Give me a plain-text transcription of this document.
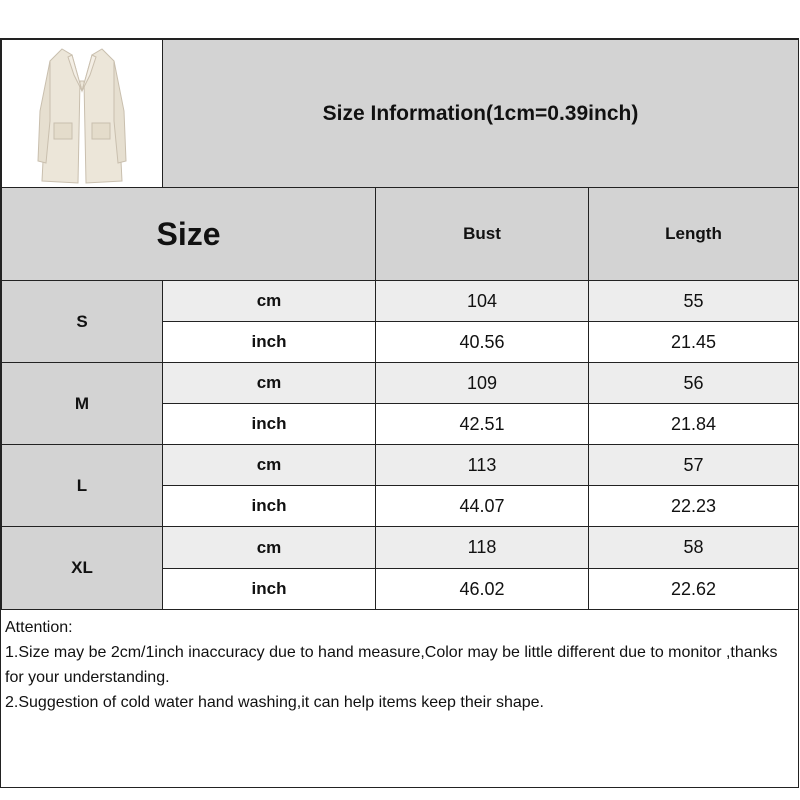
Size Information(1cm=0.39inch)
Size	Bust	Length
S
cm	104	55
inch	40.56	21.45
M
cm	109	56
inch	42.51	21.84
L
cm	113	57
inch	44.07	22.23
XL
cm	118	58
inch	46.02	22.62
Attention:
1.Size may be 2cm/1inch inaccuracy due to hand measure,Color may be little different due to monitor ,thanks for your understanding.
2.Suggestion of cold water hand washing,it can help items keep their shape.
